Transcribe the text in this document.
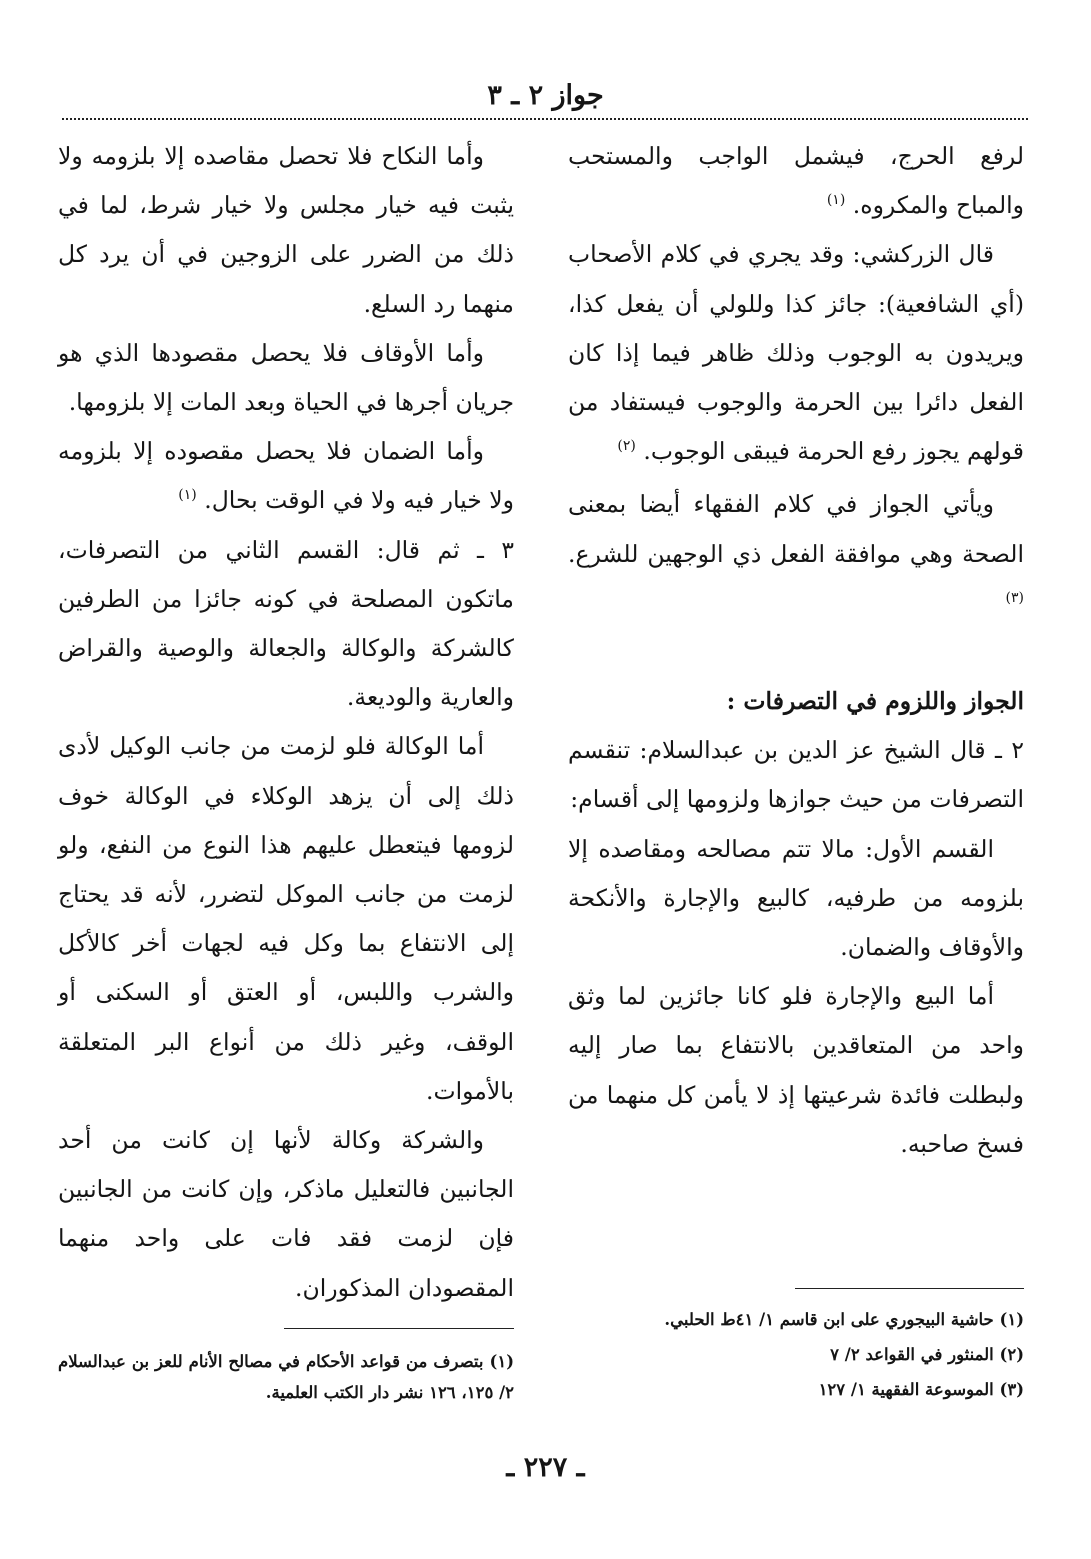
جواز ٢ ـ ٣

لرفع الحرج، فيشمل الواجب والمستحب والمباح والمكروه. $^{(١)}$

قال الزركشي: وقد يجري في كلام الأصحاب (أي الشافعية): جائز كذا وللولي أن يفعل كذا، ويريدون به الوجوب وذلك ظاهر فيما إذا كان الفعل دائرا بين الحرمة والوجوب فيستفاد من قولهم يجوز رفع الحرمة فيبقى الوجوب. $^{(٢)}$

ويأتي الجواز في كلام الفقهاء أيضا بمعنى الصحة وهي موافقة الفعل ذي الوجهين للشرع. $^{(٣)}$

الجواز واللزوم في التصرفات :

٢ ـ قال الشيخ عز الدين بن عبدالسلام: تنقسم التصرفات من حيث جوازها ولزومها إلى أقسام:

القسم الأول: مالا تتم مصالحه ومقاصده إلا بلزومه من طرفيه، كالبيع والإجارة والأنكحة والأوقاف والضمان.

أما البيع والإجارة فلو كانا جائزين لما وثق واحد من المتعاقدين بالانتفاع بما صار إليه ولبطلت فائدة شرعيتها إذ لا يأمن كل منهما من فسخ صاحبه.

وأما النكاح فلا تحصل مقاصده إلا بلزومه ولا يثبت فيه خيار مجلس ولا خيار شرط، لما في ذلك من الضرر على الزوجين في أن يرد كل منهما رد السلع.

وأما الأوقاف فلا يحصل مقصودها الذي هو جريان أجرها في الحياة وبعد المات إلا بلزومها.

وأما الضمان فلا يحصل مقصوده إلا بلزومه ولا خيار فيه ولا في الوقت بحال. $^{(١)}$

٣ ـ ثم قال: القسم الثاني من التصرفات، ماتكون المصلحة في كونه جائزا من الطرفين كالشركة والوكالة والجعالة والوصية والقراض والعارية والوديعة.

أما الوكالة فلو لزمت من جانب الوكيل لأدى ذلك إلى أن يزهد الوكلاء في الوكالة خوف لزومها فيتعطل عليهم هذا النوع من النفع، ولو لزمت من جانب الموكل لتضرر، لأنه قد يحتاج إلى الانتفاع بما وكل فيه لجهات أخر كالأكل والشرب واللبس، أو العتق أو السكنى أو الوقف، وغير ذلك من أنواع البر المتعلقة بالأموات.

والشركة وكالة لأنها إن كانت من أحد الجانبين فالتعليل ماذكر، وإن كانت من الجانبين فإن لزمت فقد فات على واحد منهما المقصودان المذكوران.

(١) حاشية البيجوري على ابن قاسم ١/ ٤١ط الحلبي.

(٢) المنثور في القواعد ٢/ ٧

(٣) الموسوعة الفقهية ١/ ١٢٧

(١) بتصرف من قواعد الأحكام في مصالح الأنام للعز بن عبدالسلام ٢/ ١٢٥، ١٢٦ نشر دار الكتب العلمية.

ـ ٢٢٧ ـ
